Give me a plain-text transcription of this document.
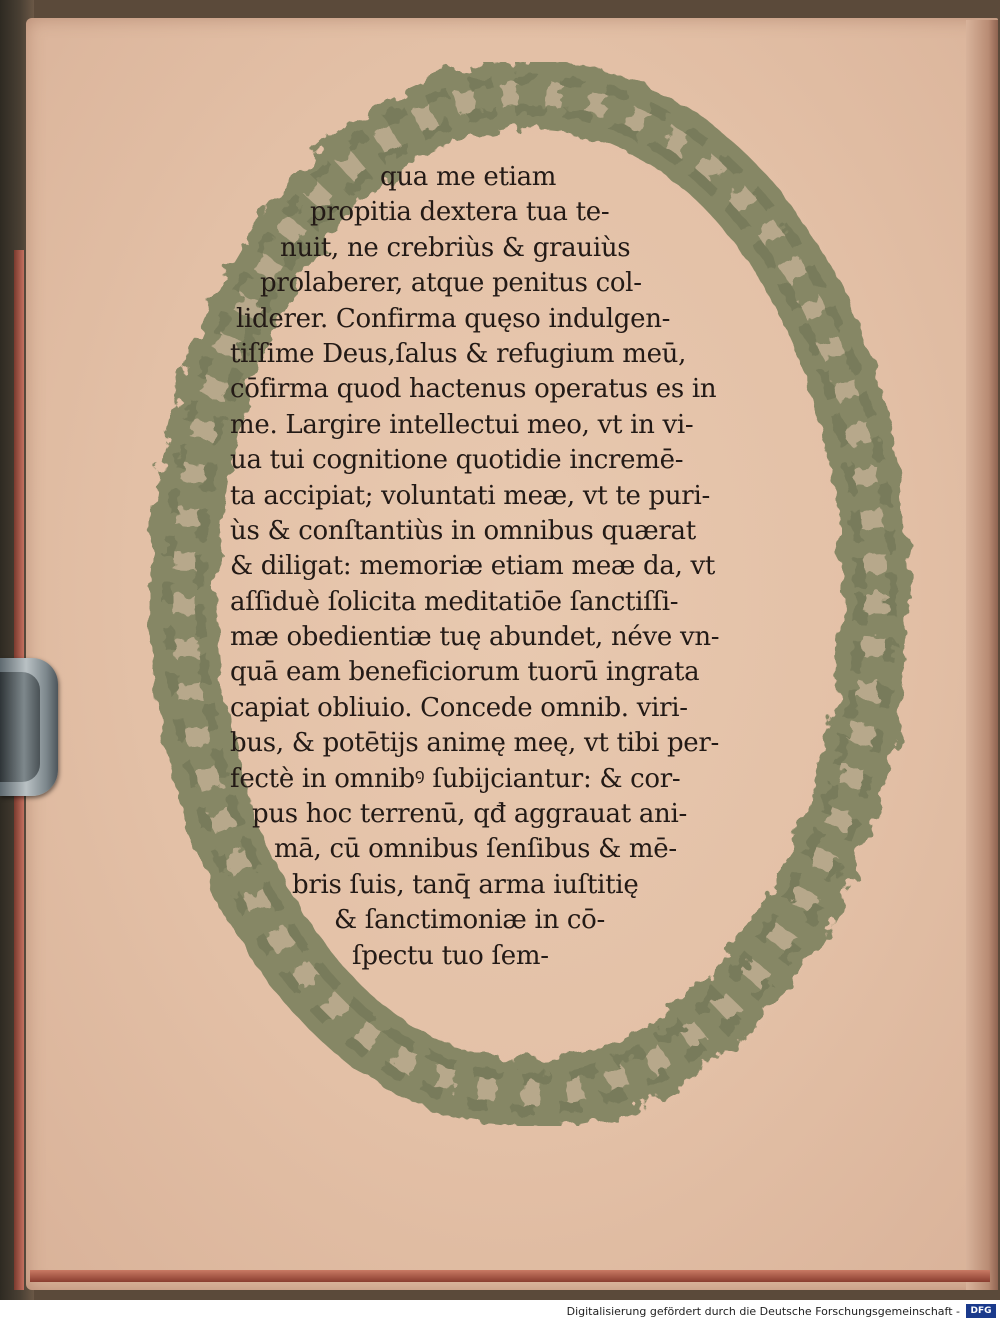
qua me etiam
propitia dextera tua te-
nuit, ne crebriùs & grauiùs
prolaberer, atque penitus col-
liderer. Confirma quęso indulgen-
tiſſime Deus,ſalus & refugium meū,
cōfirma quod hactenus operatus es in
me. Largire intellectui meo, vt in vi-
ua tui cognitione quotidie incremē-
ta accipiat; voluntati meæ, vt te puri-
ùs & conſtantiùs in omnibus quærat
& diligat: memoriæ etiam meæ da, vt
aſſiduè ſolicita meditatiōe ſanctiſſi-
mæ obedientiæ tuę abundet, néve vn-
quā eam beneficiorum tuorū ingrata
capiat obliuio. Concede omnib. viri-
bus, & potētijs animę meę, vt tibi per-
fectè in omnibꝰ ſubijciantur: & cor-
pus hoc terrenū, qđ aggrauat ani-
mā, cū omnibus ſenſibus & mē-
bris ſuis, tanq̄ arma iuſtitię
& ſanctimoniæ in cō-
ſpectu tuo ſem-
Digitalisierung gefördert durch die Deutsche Forschungsgemeinschaft -	DFG
